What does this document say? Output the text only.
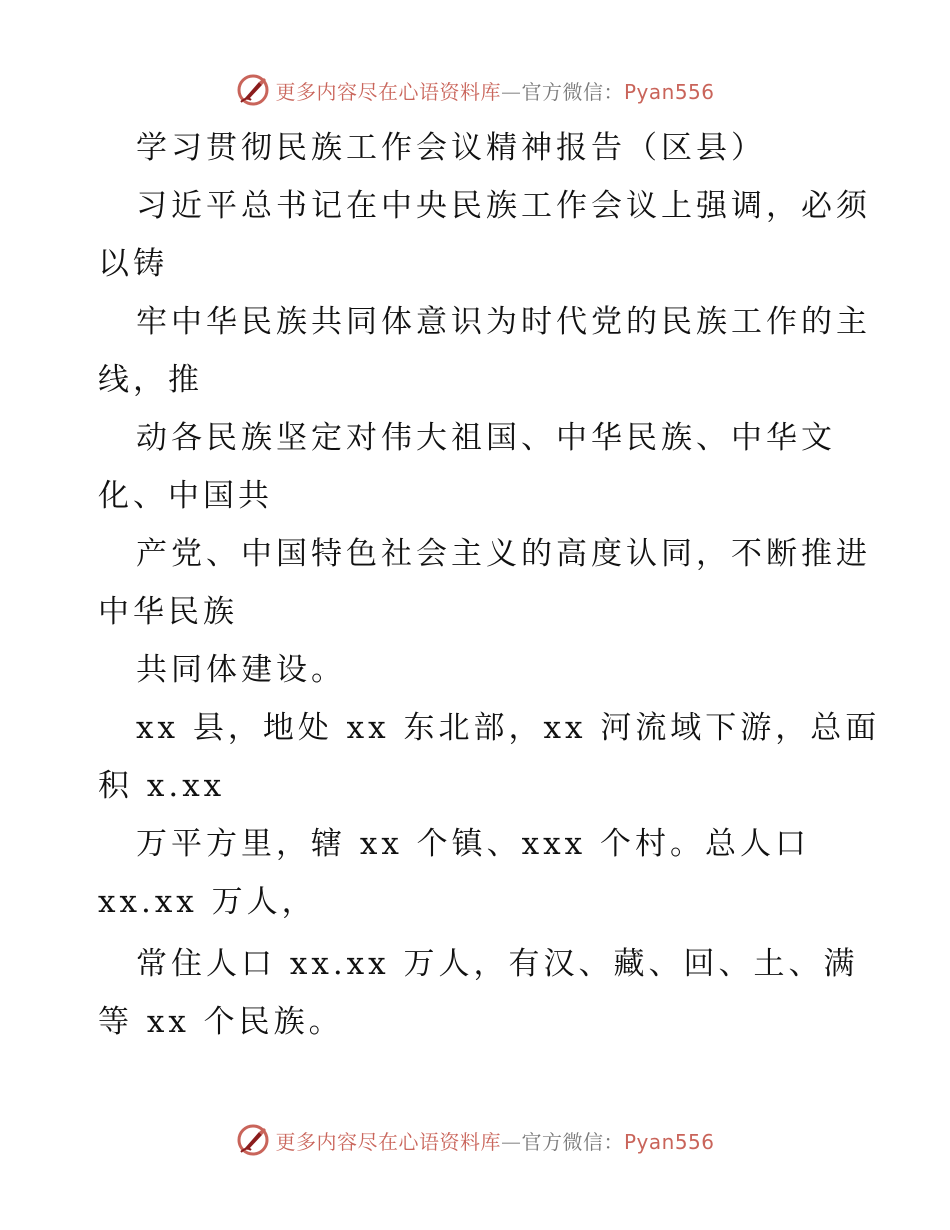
更多内容尽在心语资料库—官方微信：Pyan556
学习贯彻民族工作会议精神报告（区县）
习近平总书记在中央民族工作会议上强调，必须
以铸
牢中华民族共同体意识为时代党的民族工作的主
线，推
动各民族坚定对伟大祖国、中华民族、中华文
化、中国共
产党、中国特色社会主义的高度认同，不断推进
中华民族
共同体建设。
xx 县，地处 xx 东北部，xx 河流域下游，总面
积 x.xx
万平方里，辖 xx 个镇、xxx 个村。总人口
xx.xx 万人，
常住人口 xx.xx 万人，有汉、藏、回、土、满
等 xx 个民族。
更多内容尽在心语资料库—官方微信：Pyan556
